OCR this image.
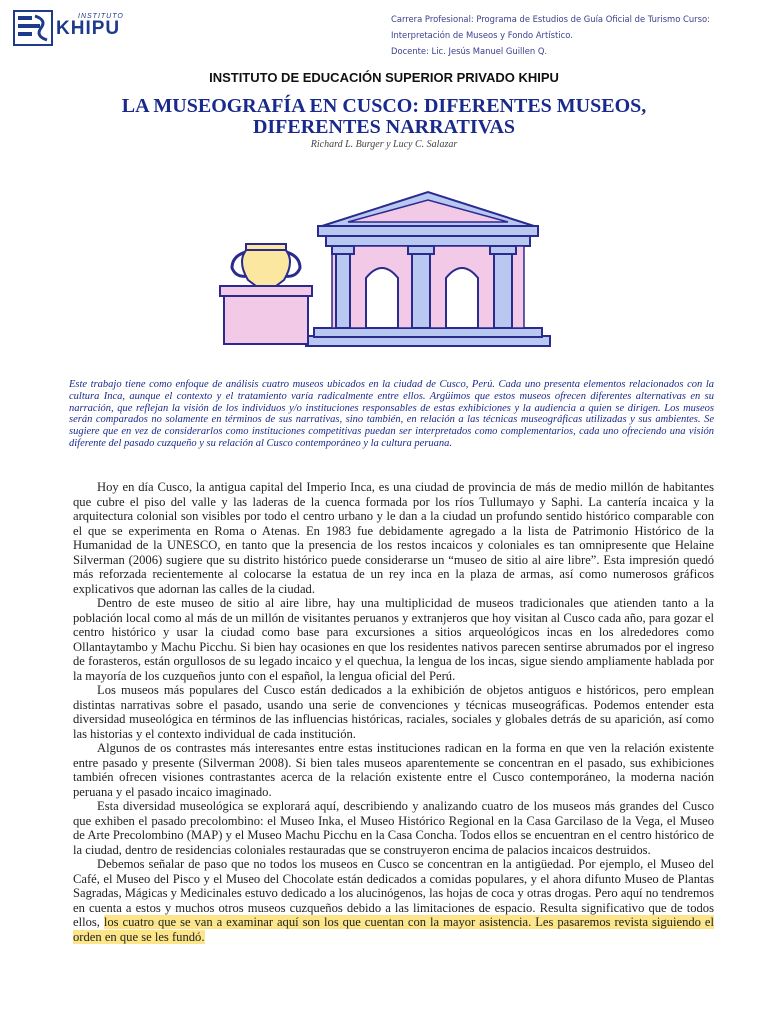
INSTITUTO
KHIPU	Carrera Profesional: Programa de Estudios de Guía Oficial de Turismo Curso:
Interpretación de Museos y Fondo Artístico.
Docente: Lic. Jesús Manuel Guillen Q.
INSTITUTO DE EDUCACIÓN SUPERIOR PRIVADO KHIPU
LA MUSEOGRAFÍA EN CUSCO: DIFERENTES MUSEOS,
DIFERENTES NARRATIVAS
Richard L. Burger y Lucy C. Salazar
Este trabajo tiene como enfoque de análisis cuatro museos ubicados en la ciudad de Cusco, Perú. Cada uno presenta elementos relacionados con la cultura Inca, aunque el contexto y el tratamiento varía radicalmente entre ellos. Argüimos que estos museos ofrecen diferentes alternativas en su narración, que reflejan la visión de los individuos y/o instituciones responsables de estas exhibiciones y la audiencia a quien se dirigen. Los museos serán comparados no solamente en términos de sus narrativas, sino también, en relación a las técnicas museográficas utilizadas y sus ambientes. Se sugiere que en vez de considerarlos como instituciones competitivas puedan ser interpretados como complementarios, cada uno ofreciendo una visión diferente del pasado cuzqueño y su relación al Cusco contemporáneo y la cultura peruana.

Hoy en día Cusco, la antigua capital del Imperio Inca, es una ciudad de provincia de más de medio millón de habitantes que cubre el piso del valle y las laderas de la cuenca formada por los ríos Tullumayo y Saphi. La cantería incaica y la arquitectura colonial son visibles por todo el centro urbano y le dan a la ciudad un profundo sentido histórico comparable con el que se experimenta en Roma o Atenas. En 1983 fue debidamente agregado a la lista de Patrimonio Histórico de la Humanidad de la UNESCO, en tanto que la presencia de los restos incaicos y coloniales es tan omnipresente que Helaine Silverman (2006) sugiere que su distrito histórico puede considerarse un “museo de sitio al aire libre”. Esta impresión quedó más reforzada recientemente al colocarse la estatua de un rey inca en la plaza de armas, así como numerosos gráficos explicativos que adornan las calles de la ciudad.

Dentro de este museo de sitio al aire libre, hay una multiplicidad de museos tradicionales que atienden tanto a la población local como al más de un millón de visitantes peruanos y extranjeros que hoy visitan al Cusco cada año, para gozar el centro histórico y usar la ciudad como base para excursiones a sitios arqueológicos incas en los alrededores como Ollantaytambo y Machu Picchu. Si bien hay ocasiones en que los residentes nativos parecen sentirse abrumados por el ingreso de forasteros, están orgullosos de su legado incaico y el quechua, la lengua de los incas, sigue siendo ampliamente hablada por la mayoría de los cuzqueños junto con el español, la lengua oficial del Perú.

Los museos más populares del Cusco están dedicados a la exhibición de objetos antiguos e históricos, pero emplean distintas narrativas sobre el pasado, usando una serie de convenciones y técnicas museográficas. Podemos entender esta diversidad museológica en términos de las influencias históricas, raciales, sociales y globales detrás de su aparición, así como las historias y el contexto individual de cada institución.

Algunos de os contrastes más interesantes entre estas instituciones radican en la forma en que ven la relación existente entre pasado y presente (Silverman 2008). Si bien tales museos aparentemente se concentran en el pasado, sus exhibiciones también ofrecen visiones contrastantes acerca de la relación existente entre el Cusco contemporáneo, la moderna nación peruana y el pasado incaico imaginado.

Esta diversidad museológica se explorará aquí, describiendo y analizando cuatro de los museos más grandes del Cusco que exhiben el pasado precolombino: el Museo Inka, el Museo Histórico Regional en la Casa Garcilaso de la Vega, el Museo de Arte Precolombino (MAP) y el Museo Machu Picchu en la Casa Concha. Todos ellos se encuentran en el centro histórico de la ciudad, dentro de residencias coloniales restauradas que se construyeron encima de palacios incaicos destruidos.

Debemos señalar de paso que no todos los museos en Cusco se concentran en la antigüedad. Por ejemplo, el Museo del Café, el Museo del Pisco y el Museo del Chocolate están dedicados a comidas populares, y el ahora difunto Museo de Plantas Sagradas, Mágicas y Medicinales estuvo dedicado a los alucinógenos, las hojas de coca y otras drogas. Pero aquí no tendremos en cuenta a estos y muchos otros museos cuzqueños debido a las limitaciones de espacio. Resulta significativo que de todos ellos, los cuatro que se van a examinar aquí son los que cuentan con la mayor asistencia. Les pasaremos revista siguiendo el orden en que se les fundó.
